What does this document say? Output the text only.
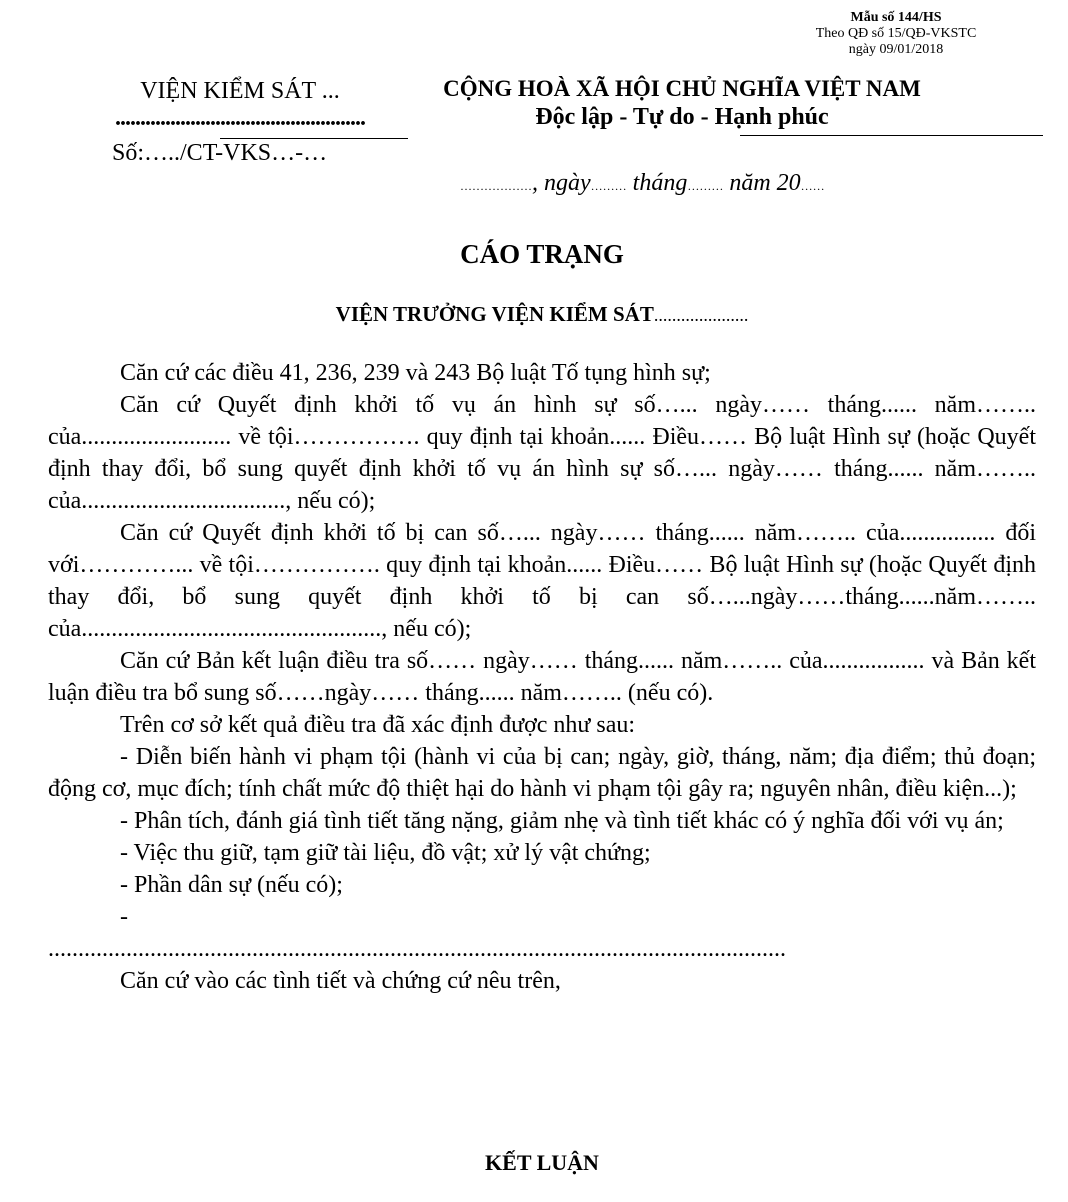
Mẫu số 144/HS
Theo QĐ số 15/QĐ-VKSTC
ngày 09/01/2018
VIỆN KIỂM SÁT ...
..................................................
Số:…../CT-VKS…-…
CỘNG HOÀ XÃ HỘI CHỦ NGHĨA VIỆT NAM
Độc lập - Tự do - Hạnh phúc
………………, ngày……… tháng……… năm 20……
CÁO TRẠNG
VIỆN TRƯỞNG VIỆN KIỂM SÁT.....................

Căn cứ các điều 41, 236, 239 và 243 Bộ luật Tố tụng hình sự;

Căn cứ Quyết định khởi tố vụ án hình sự số…... ngày…… tháng...... năm…….. của......................... về tội……………. quy định tại khoản...... Điều…… Bộ luật Hình sự (hoặc Quyết định thay đổi, bổ sung quyết định khởi tố vụ án hình sự số…... ngày…… tháng...... năm…….. của.................................., nếu có);

Căn cứ Quyết định khởi tố bị can số…... ngày…… tháng...... năm…….. của................ đối với…………... về tội……………. quy định tại khoản...... Điều…… Bộ luật Hình sự (hoặc Quyết định thay đổi, bổ sung quyết định khởi tố bị can số…...ngày……tháng......năm…….. của.................................................., nếu có);

Căn cứ Bản kết luận điều tra số…… ngày…… tháng...... năm…….. của................. và Bản kết luận điều tra bổ sung số……ngày…… tháng...... năm…….. (nếu có).

Trên cơ sở kết quả điều tra đã xác định được như sau:

- Diễn biến hành vi phạm tội (hành vi của bị can; ngày, giờ, tháng, năm; địa điểm; thủ đoạn; động cơ, mục đích; tính chất mức độ thiệt hại do hành vi phạm tội gây ra; nguyên nhân, điều kiện...);

- Phân tích, đánh giá tình tiết tăng nặng, giảm nhẹ và tình tiết khác có ý nghĩa đối với vụ án;

- Việc thu giữ, tạm giữ tài liệu, đồ vật; xử lý vật chứng;

- Phần dân sự (nếu có);

-

...........................................................................................................................

Căn cứ vào các tình tiết và chứng cứ nêu trên,

KẾT LUẬN
